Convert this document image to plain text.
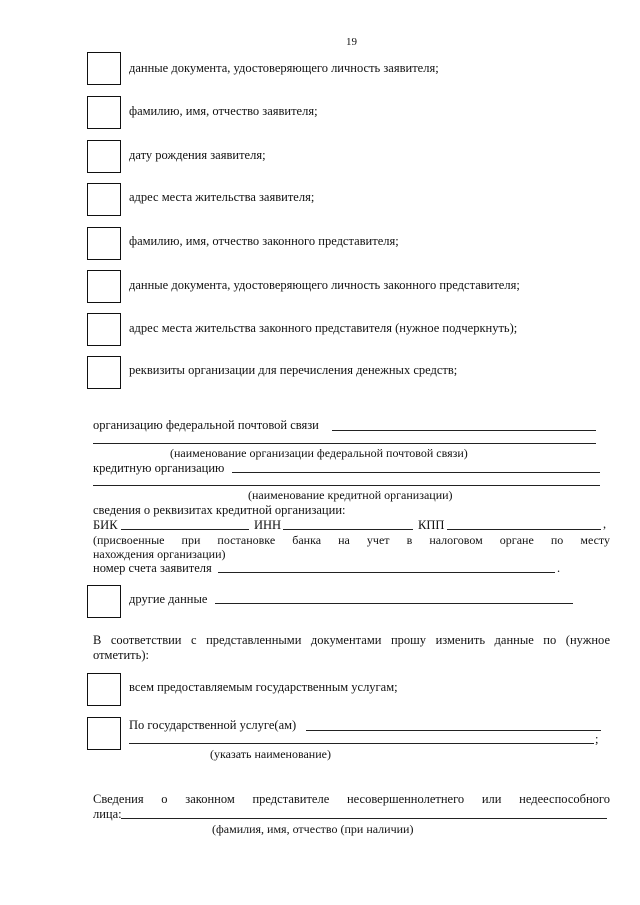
19
данные документа, удостоверяющего личность заявителя;
фамилию, имя, отчество заявителя;
дату рождения заявителя;
адрес места жительства заявителя;
фамилию, имя, отчество законного представителя;
данные документа, удостоверяющего личность законного представителя;
адрес места жительства законного представителя (нужное подчеркнуть);
реквизиты организации для перечисления денежных средств;
организацию федеральной почтовой связи
(наименование организации федеральной почтовой связи)
кредитную организацию
(наименование кредитной организации)
сведения о реквизитах кредитной организации:
БИК	ИНН	КПП	,
(присвоенные при постановке банка на учет в налоговом органе по месту
нахождения организации)
номер счета заявителя	.
другие данные
В соответствии с представленными документами прошу изменить данные по (нужное
отметить):
всем предоставляемым государственным услугам;
По государственной услуге(ам)
;
(указать наименование)
Сведения о законном представителе несовершеннолетнего или недееспособного
лица:
(фамилия, имя, отчество (при наличии)
